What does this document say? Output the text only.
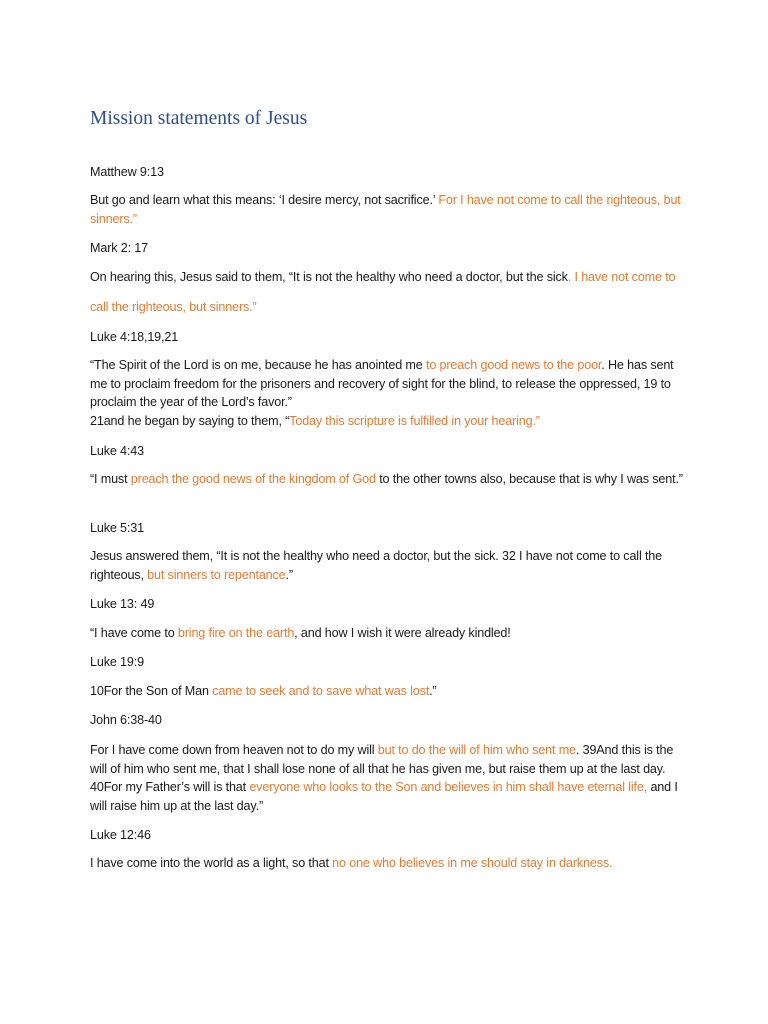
Mission statements of Jesus

Matthew 9:13

But go and learn what this means: ‘I desire mercy, not sacrifice.’ For I have not come to call the righteous, but sinners.”

Mark 2: 17

On hearing this, Jesus said to them, “It is not the healthy who need a doctor, but the sick. I have not come to call the righteous, but sinners.”

Luke 4:18,19,21

“The Spirit of the Lord is on me, because he has anointed me to preach good news to the poor. He has sent me to proclaim freedom for the prisoners and recovery of sight for the blind, to release the oppressed, 19 to proclaim the year of the Lord’s favor.”
21and he began by saying to them, “Today this scripture is fulfilled in your hearing.”

Luke 4:43

“I must preach the good news of the kingdom of God to the other towns also, because that is why I was sent.”

Luke 5:31

Jesus answered them, “It is not the healthy who need a doctor, but the sick. 32 I have not come to call the righteous, but sinners to repentance.”

Luke 13: 49

“I have come to bring fire on the earth, and how I wish it were already kindled!

Luke 19:9

10For the Son of Man came to seek and to save what was lost.”

John 6:38-40

For I have come down from heaven not to do my will but to do the will of him who sent me. 39And this is the will of him who sent me, that I shall lose none of all that he has given me, but raise them up at the last day. 40For my Father’s will is that everyone who looks to the Son and believes in him shall have eternal life, and I will raise him up at the last day.”

Luke 12:46

I have come into the world as a light, so that no one who believes in me should stay in darkness.
